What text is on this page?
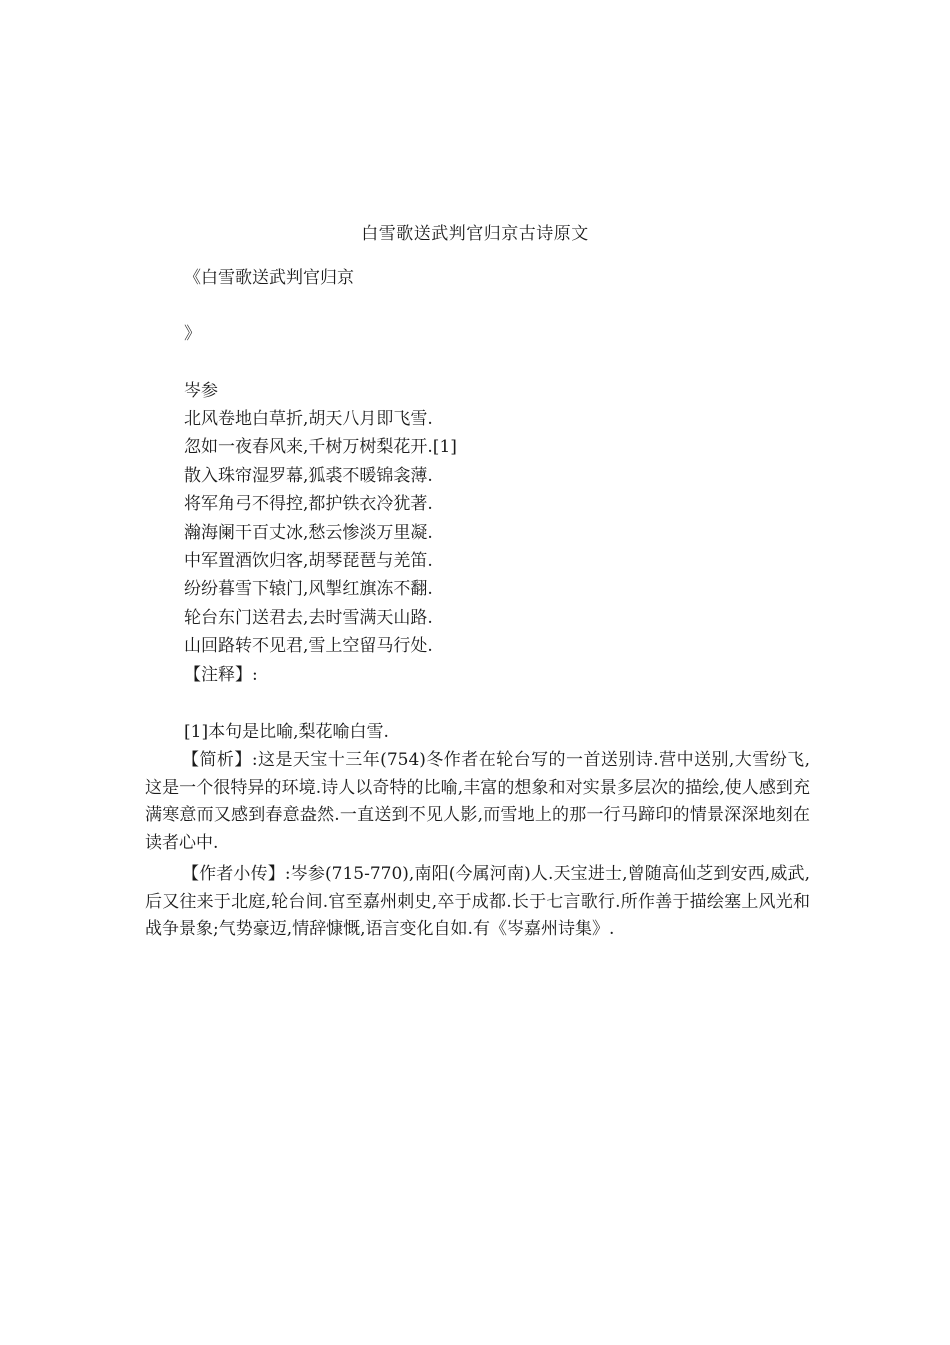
白雪歌送武判官归京古诗原文
《白雪歌送武判官归京
》
岑参
北风卷地白草折,胡天八月即飞雪.
忽如一夜春风来,千树万树梨花开.[1]
散入珠帘湿罗幕,狐裘不暖锦衾薄.
将军角弓不得控,都护铁衣冷犹著.
瀚海阑干百丈冰,愁云惨淡万里凝.
中军置酒饮归客,胡琴琵琶与羌笛.
纷纷暮雪下辕门,风掣红旗冻不翻.
轮台东门送君去,去时雪满天山路.
山回路转不见君,雪上空留马行处.
【注释】:
[1]本句是比喻,梨花喻白雪.

【简析】:这是天宝十三年(754)冬作者在轮台写的一首送别诗.营中送别,大雪纷飞,这是一个很特异的环境.诗人以奇特的比喻,丰富的想象和对实景多层次的描绘,使人感到充满寒意而又感到春意盎然.一直送到不见人影,而雪地上的那一行马蹄印的情景深深地刻在读者心中.

【作者小传】:岑参(715-770),南阳(今属河南)人.天宝进士,曾随高仙芝到安西,威武,后又往来于北庭,轮台间.官至嘉州刺史,卒于成都.长于七言歌行.所作善于描绘塞上风光和战争景象;气势豪迈,情辞慷慨,语言变化自如.有《岑嘉州诗集》.
